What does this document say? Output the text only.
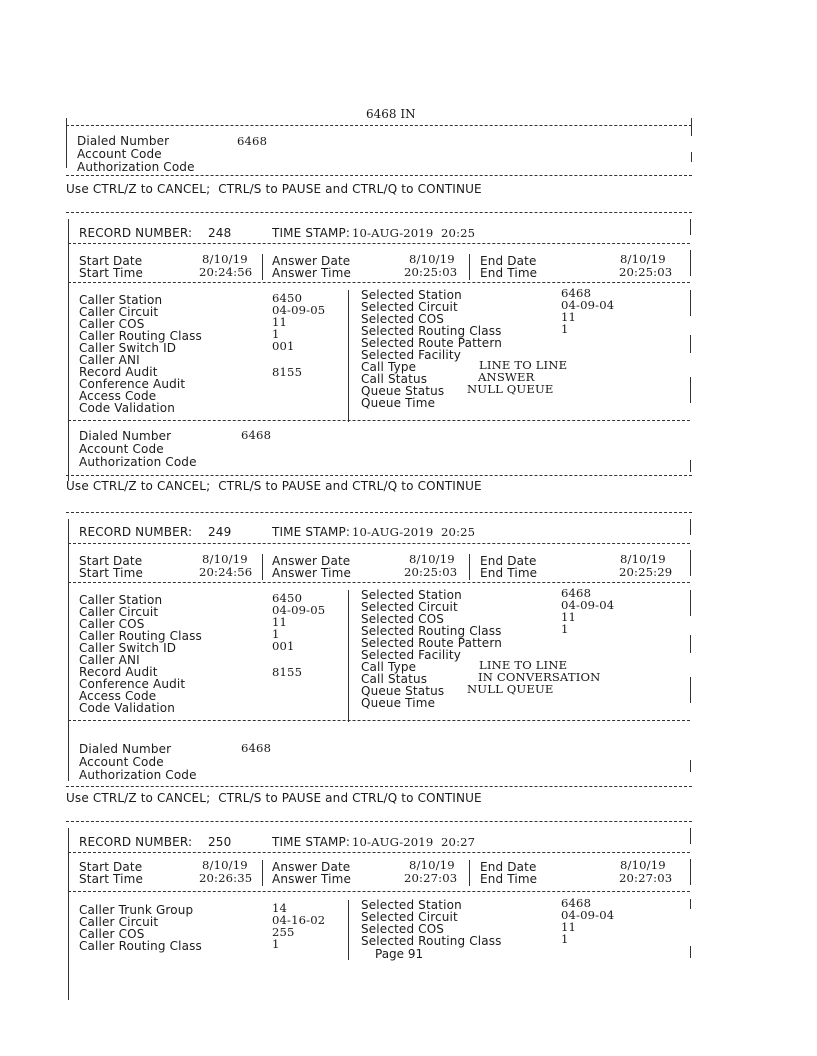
6468 IN
Dialed Number	6468
Account Code
Authorization Code
Use CTRL/Z to CANCEL;  CTRL/S to PAUSE and CTRL/Q to CONTINUE
RECORD NUMBER: 248	TIME STAMP: 10-AUG-2019  20:25
Start Date	8/10/19
Start Time	20:24:56
Answer Date	8/10/19
Answer Time	20:25:03
End Date	8/10/19
End Time	20:25:03
Caller Station	6450
Caller Circuit	04-09-05
Caller COS	11
Caller Routing Class	1
Caller Switch ID	001
Caller ANI
Record Audit	8155
Conference Audit
Access Code
Code Validation
Selected Station	6468
Selected Circuit	04-09-04
Selected COS	11
Selected Routing Class	1
Selected Route Pattern
Selected Facility
Call Type	LINE TO LINE
Call Status	ANSWER
Queue Status NULL QUEUE
Queue Time
Dialed Number	6468
Account Code
Authorization Code
Use CTRL/Z to CANCEL;  CTRL/S to PAUSE and CTRL/Q to CONTINUE
RECORD NUMBER: 249	TIME STAMP: 10-AUG-2019  20:25
Start Date	8/10/19
Start Time	20:24:56
Answer Date	8/10/19
Answer Time	20:25:03
End Date	8/10/19
End Time	20:25:29
Caller Station	6450
Caller Circuit	04-09-05
Caller COS	11
Caller Routing Class	1
Caller Switch ID	001
Caller ANI
Record Audit	8155
Conference Audit
Access Code
Code Validation
Selected Station	6468
Selected Circuit	04-09-04
Selected COS	11
Selected Routing Class	1
Selected Route Pattern
Selected Facility
Call Type	LINE TO LINE
Call Status	IN CONVERSATION
Queue Status NULL QUEUE
Queue Time
Dialed Number	6468
Account Code
Authorization Code
Use CTRL/Z to CANCEL;  CTRL/S to PAUSE and CTRL/Q to CONTINUE
RECORD NUMBER: 250	TIME STAMP: 10-AUG-2019  20:27
Start Date	8/10/19
Start Time	20:26:35
Answer Date	8/10/19
Answer Time	20:27:03
End Date	8/10/19
End Time	20:27:03
Caller Trunk Group	14
Caller Circuit	04-16-02
Caller COS	255
Caller Routing Class	1
Selected Station	6468
Selected Circuit	04-09-04
Selected COS	11
Selected Routing Class	1
Page 91
